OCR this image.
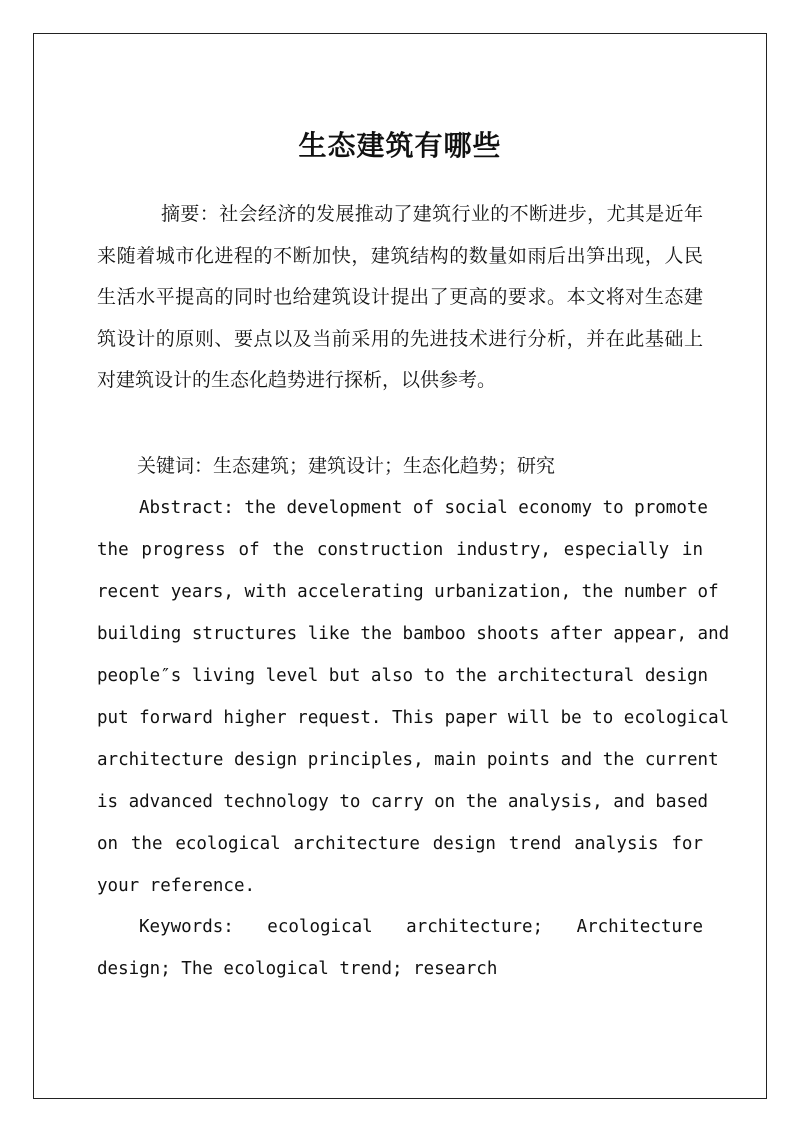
生态建筑有哪些

摘要：社会经济的发展推动了建筑行业的不断进步，尤其是近年来随着城市化进程的不断加快，建筑结构的数量如雨后出笋出现，人民生活水平提高的同时也给建筑设计提出了更高的要求。本文将对生态建筑设计的原则、要点以及当前采用的先进技术进行分析，并在此基础上对建筑设计的生态化趋势进行探析，以供参考。

关键词：生态建筑；建筑设计；生态化趋势；研究

Abstract: the development of social economy to promote
the progress of the construction industry, especially in
recent years, with accelerating urbanization, the number of
building structures like the bamboo shoots after appear, and
people″s living level but also to the architectural design
put forward higher request. This paper will be to ecological
architecture design principles, main points and the current
is advanced technology to carry on the analysis, and based
on the ecological architecture design trend analysis for
your reference.
Keywords: ecological architecture; Architecture
design; The ecological trend; research
